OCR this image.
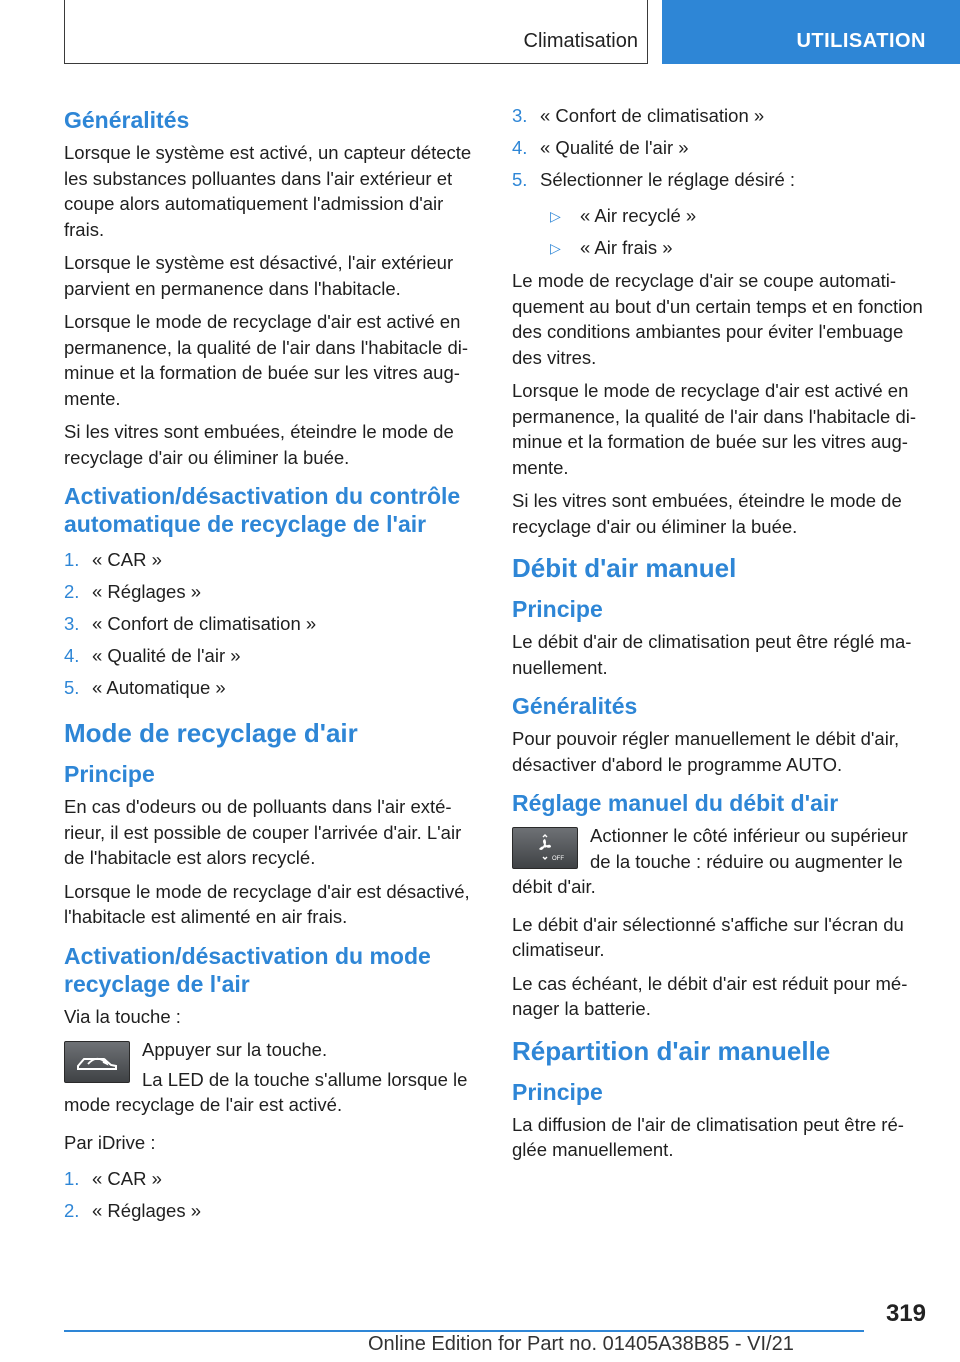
Climatisation	UTILISATION
Généralités

Lorsque le système est activé, un capteur détecte les substances polluantes dans l'air extérieur et coupe alors automatiquement l'admission d'air frais.

Lorsque le système est désactivé, l'air extérieur parvient en permanence dans l'habitacle.

Lorsque le mode de recyclage d'air est activé en permanence, la qualité de l'air dans l'habitacle diminue et la formation de buée sur les vitres augmente.

Si les vitres sont embuées, éteindre le mode de recyclage d'air ou éliminer la buée.

Activation/désactivation du contrôle automatique de recyclage de l'air
1. « CAR »
2. « Réglages »
3. « Confort de climatisation »
4. « Qualité de l'air »
5. « Automatique »
Mode de recyclage d'air
Principe

En cas d'odeurs ou de polluants dans l'air extérieur, il est possible de couper l'arrivée d'air. L'air de l'habitacle est alors recyclé.

Lorsque le mode de recyclage d'air est désactivé, l'habitacle est alimenté en air frais.

Activation/désactivation du mode recyclage de l'air

Via la touche :

Appuyer sur la touche.

La LED de la touche s'allume lorsque le mode recyclage de l'air est activé.

Par iDrive :

1. « CAR »
2. « Réglages »
3. « Confort de climatisation »
4. « Qualité de l'air »
5. Sélectionner le réglage désiré :
▷	« Air recyclé »
▷	« Air frais »

Le mode de recyclage d'air se coupe automatiquement au bout d'un certain temps et en fonction des conditions ambiantes pour éviter l'embuage des vitres.

Lorsque le mode de recyclage d'air est activé en permanence, la qualité de l'air dans l'habitacle diminue et la formation de buée sur les vitres augmente.

Si les vitres sont embuées, éteindre le mode de recyclage d'air ou éliminer la buée.

Débit d'air manuel
Principe

Le débit d'air de climatisation peut être réglé manuellement.

Généralités

Pour pouvoir régler manuellement le débit d'air, désactiver d'abord le programme AUTO.

Réglage manuel du débit d'air
OFF

Actionner le côté inférieur ou supérieur de la touche : réduire ou augmenter le débit d'air.

Le débit d'air sélectionné s'affiche sur l'écran du climatiseur.

Le cas échéant, le débit d'air est réduit pour ménager la batterie.

Répartition d'air manuelle
Principe

La diffusion de l'air de climatisation peut être réglée manuellement.

319
Online Edition for Part no. 01405A38B85 - VI/21
